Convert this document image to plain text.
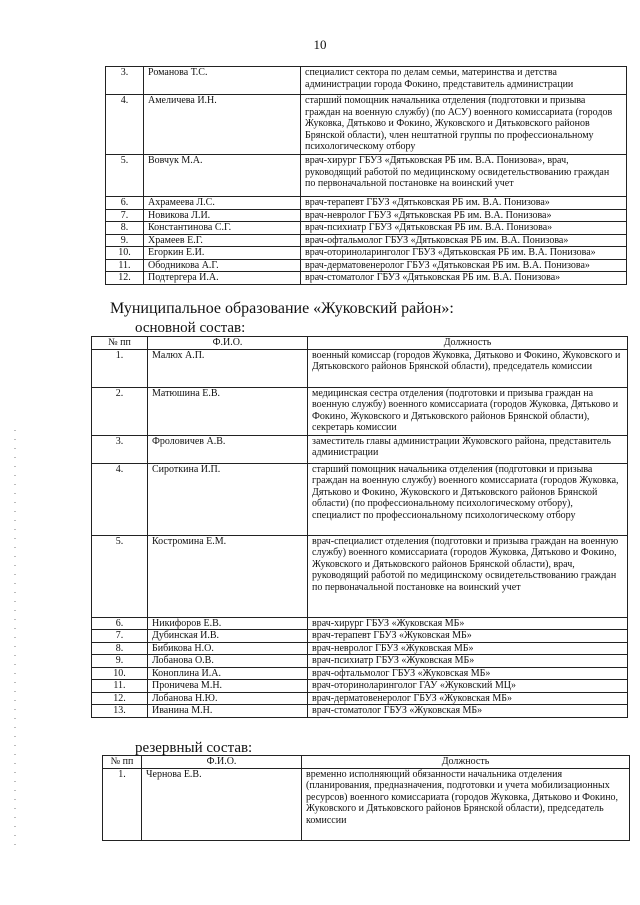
10
3.	Романова Т.С.	специалист сектора по делам семьи, материнства и детства администрации города Фокино, представитель администрации
4.	Амеличева И.Н.	старший помощник начальника отделения (подготовки и призыва граждан на военную службу) (по АСУ) военного комиссариата (городов Жуковка, Дятьково и Фокино, Жуковского и Дятьковского районов Брянской области), член нештатной группы по профессиональному психологическому отбору
5.	Вовчук М.А.	врач-хирург ГБУЗ «Дятьковская РБ им. В.А. Понизова», врач, руководящий работой по медицинскому освидетельствованию граждан по первоначальной постановке на воинский учет
6.	Ахрамеева Л.С.	врач-терапевт ГБУЗ «Дятьковская РБ им. В.А. Понизова»
7.	Новикова Л.И.	врач-невролог ГБУЗ «Дятьковская РБ им. В.А. Понизова»
8.	Константинова С.Г.	врач-психиатр ГБУЗ «Дятьковская РБ им. В.А. Понизова»
9.	Храмеев Е.Г.	врач-офтальмолог ГБУЗ «Дятьковская РБ им. В.А. Понизова»
10.	Егоркин Е.И.	врач-оториноларинголог ГБУЗ «Дятьковская РБ им. В.А. Понизова»
11.	Ободникова А.Г.	врач-дерматовенеролог ГБУЗ «Дятьковская РБ им. В.А. Понизова»
12.	Подтергера И.А.	врач-стоматолог ГБУЗ «Дятьковская РБ им. В.А. Понизова»
Муниципальное образование «Жуковский район»:
основной состав:
№ пп	Ф.И.О.	Должность
1.	Малюх А.П.	военный комиссар (городов Жуковка, Дятьково и Фокино, Жуковского и Дятьковского районов Брянской области), председатель комиссии
2.	Матюшина Е.В.	медицинская сестра отделения (подготовки и призыва граждан на военную службу) военного комиссариата (городов Жуковка, Дятьково и Фокино, Жуковского и Дятьковского районов Брянской области), секретарь комиссии
3.	Фроловичев А.В.	заместитель главы администрации Жуковского района, представитель администрации
4.	Сироткина И.П.	старший помощник начальника отделения (подготовки и призыва граждан на военную службу) военного комиссариата (городов Жуковка, Дятьково и Фокино, Жуковского и Дятьковского районов Брянской области) (по профессиональному психологическому отбору), специалист по профессиональному психологическому отбору
5.	Костромина Е.М.	врач-специалист отделения (подготовки и призыва граждан на военную службу) военного комиссариата (городов Жуковка, Дятьково и Фокино, Жуковского и Дятьковского районов Брянской области), врач, руководящий работой по медицинскому освидетельствованию граждан по первоначальной постановке на воинский учет
6.	Никифоров Е.В.	врач-хирург ГБУЗ «Жуковская МБ»
7.	Дубинская И.В.	врач-терапевт ГБУЗ «Жуковская МБ»
8.	Бибикова Н.О.	врач-невролог ГБУЗ «Жуковская МБ»
9.	Лобанова О.В.	врач-психиатр ГБУЗ «Жуковская МБ»
10.	Коноплина И.А.	врач-офтальмолог ГБУЗ «Жуковская МБ»
11.	Проничева М.Н.	врач-оториноларинголог ГАУ «Жуковский МЦ»
12.	Лобанова Н.Ю.	врач-дерматовенеролог ГБУЗ «Жуковская МБ»
13.	Иванина М.Н.	врач-стоматолог ГБУЗ «Жуковская МБ»
резервный состав:
№ пп	Ф.И.О.	Должность
1.	Чернова Е.В.	временно исполняющий обязанности начальника отделения (планирования, предназначения, подготовки и учета мобилизационных ресурсов) военного комиссариата (городов Жуковка, Дятьково и Фокино, Жуковского и Дятьковского районов Брянской области), председатель комиссии
